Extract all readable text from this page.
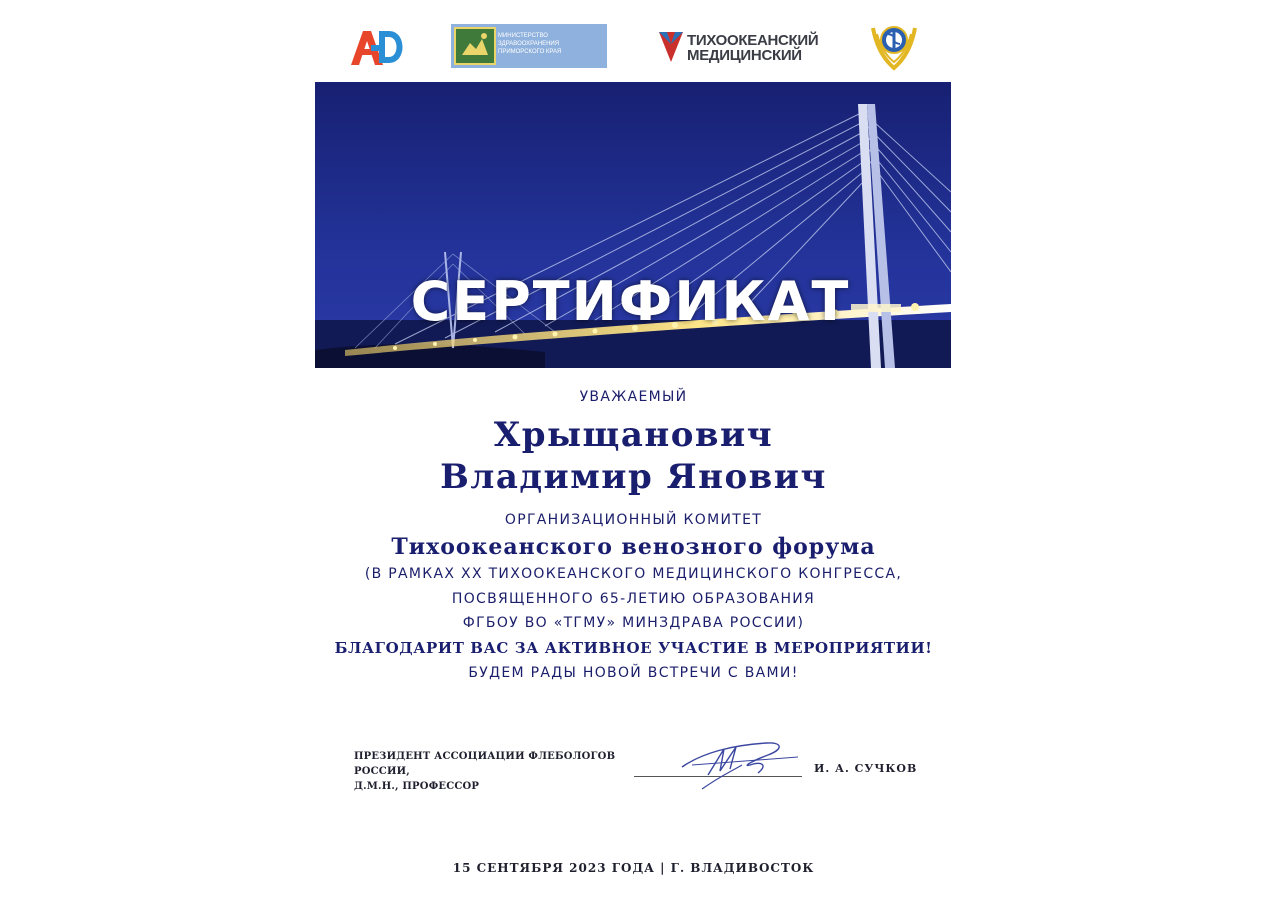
МИНИСТЕРСТВО ЗДРАВООХРАНЕНИЯ ПРИМОРСКОГО КРАЯ
ТИХООКЕАНСКИЙ
МЕДИЦИНСКИЙ
СЕРТИФИКАТ
УВАЖАЕМЫЙ
Хрыщанович
Владимир Янович
ОРГАНИЗАЦИОННЫЙ КОМИТЕТ
Тихоокеанского венозного форума
(В РАМКАХ XX ТИХООКЕАНСКОГО МЕДИЦИНСКОГО КОНГРЕССА,
ПОСВЯЩЕННОГО 65-ЛЕТИЮ ОБРАЗОВАНИЯ
ФГБОУ ВО «ТГМУ» МИНЗДРАВА РОССИИ)
БЛАГОДАРИТ ВАС ЗА АКТИВНОЕ УЧАСТИЕ В МЕРОПРИЯТИИ!
БУДЕМ РАДЫ НОВОЙ ВСТРЕЧИ С ВАМИ!
ПРЕЗИДЕНТ АССОЦИАЦИИ ФЛЕБОЛОГОВ РОССИИ,
Д.М.Н., ПРОФЕССОР
И. А. СУЧКОВ
15 СЕНТЯБРЯ 2023 ГОДА | Г. ВЛАДИВОСТОК
